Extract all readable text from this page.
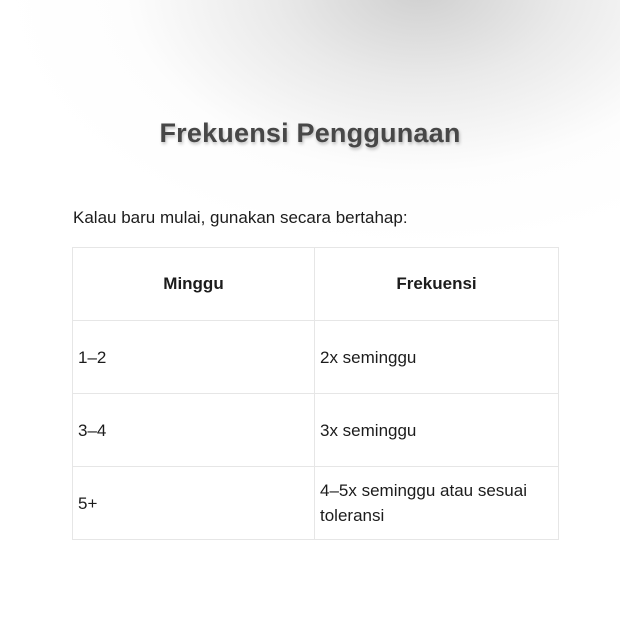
Frekuensi Penggunaan

Kalau baru mulai, gunakan secara bertahap:

Minggu	Frekuensi
1–2	2x seminggu
3–4	3x seminggu
5+	4–5x seminggu atau sesuai toleransi
